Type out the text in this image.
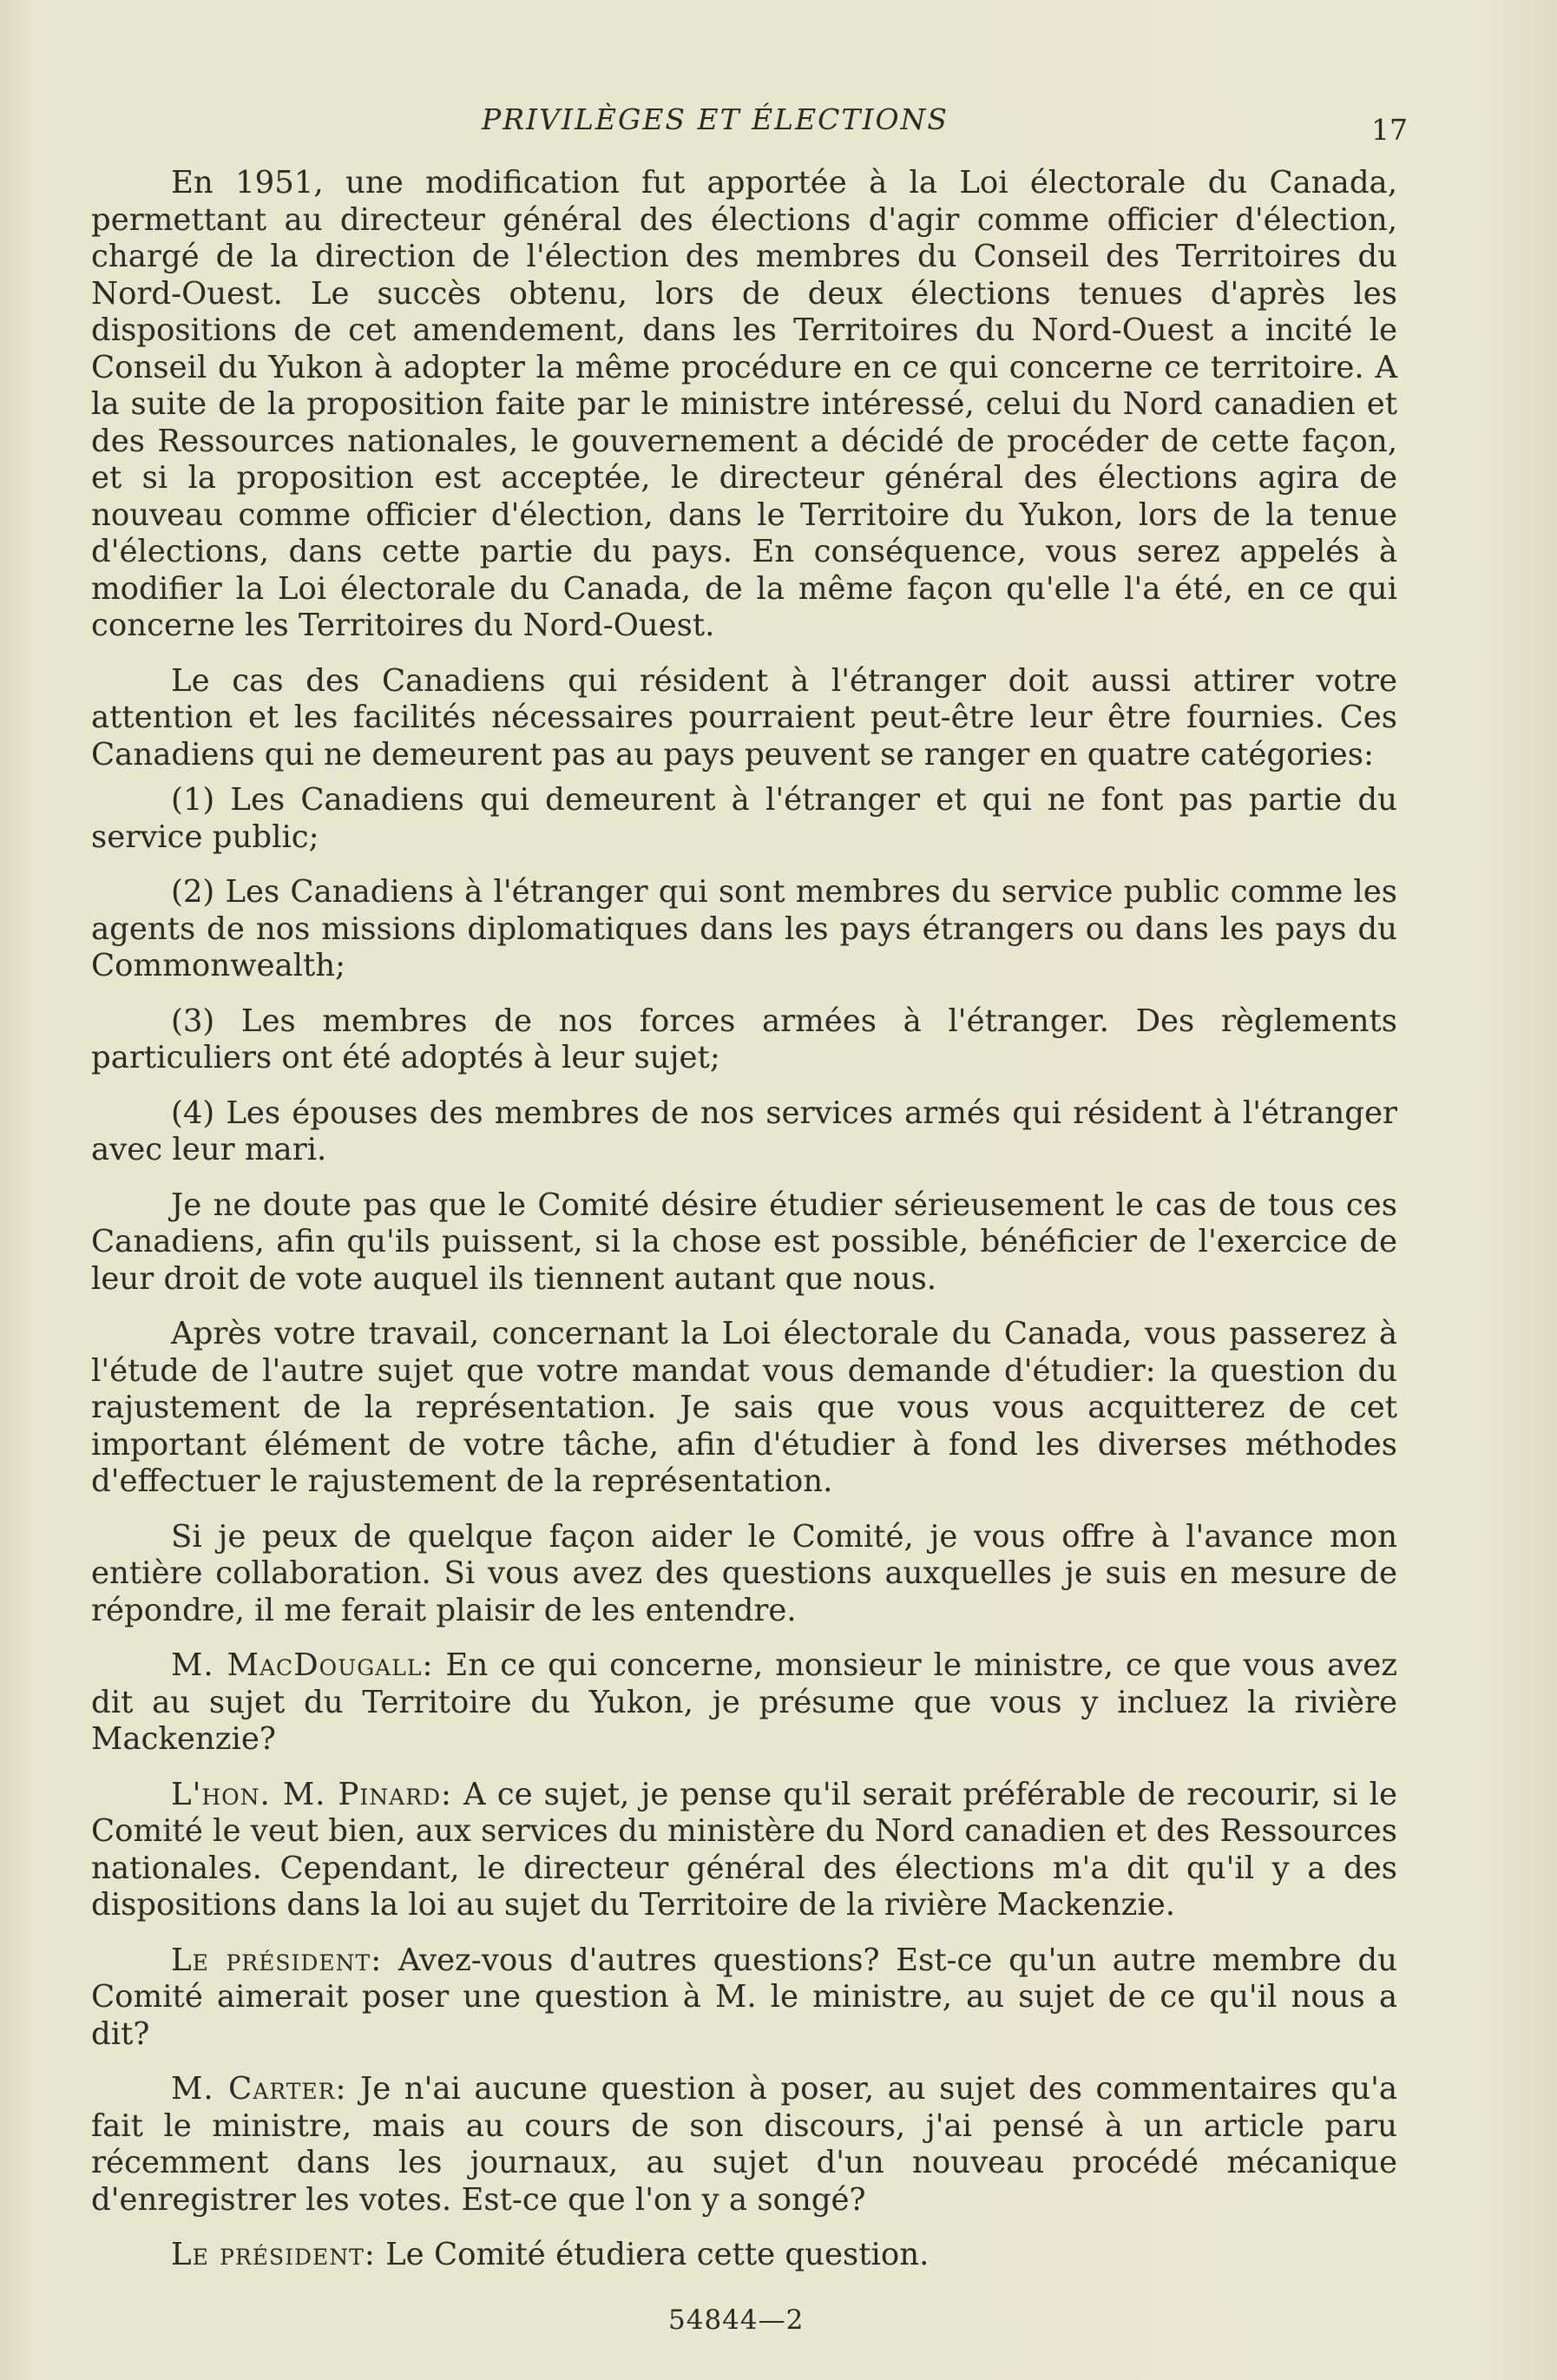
PRIVILÈGES ET ÉLECTIONS	17

En 1951, une modification fut apportée à la Loi électorale du Canada, permettant au directeur général des élections d'agir comme officier d'élection, chargé de la direction de l'élection des membres du Conseil des Territoires du Nord-Ouest. Le succès obtenu, lors de deux élections tenues d'après les dispositions de cet amendement, dans les Territoires du Nord-Ouest a incité le Conseil du Yukon à adopter la même procédure en ce qui concerne ce territoire. A la suite de la proposition faite par le ministre intéressé, celui du Nord canadien et des Ressources nationales, le gouvernement a décidé de procéder de cette façon, et si la proposition est acceptée, le directeur général des élections agira de nouveau comme officier d'élection, dans le Territoire du Yukon, lors de la tenue d'élections, dans cette partie du pays. En conséquence, vous serez appelés à modifier la Loi électorale du Canada, de la même façon qu'elle l'a été, en ce qui concerne les Territoires du Nord-Ouest.

Le cas des Canadiens qui résident à l'étranger doit aussi attirer votre attention et les facilités nécessaires pourraient peut-être leur être fournies. Ces Canadiens qui ne demeurent pas au pays peuvent se ranger en quatre catégories:

(1) Les Canadiens qui demeurent à l'étranger et qui ne font pas partie du service public;

(2) Les Canadiens à l'étranger qui sont membres du service public comme les agents de nos missions diplomatiques dans les pays étrangers ou dans les pays du Commonwealth;

(3) Les membres de nos forces armées à l'étranger. Des règlements particuliers ont été adoptés à leur sujet;

(4) Les épouses des membres de nos services armés qui résident à l'étranger avec leur mari.

Je ne doute pas que le Comité désire étudier sérieusement le cas de tous ces Canadiens, afin qu'ils puissent, si la chose est possible, bénéficier de l'exercice de leur droit de vote auquel ils tiennent autant que nous.

Après votre travail, concernant la Loi électorale du Canada, vous passerez à l'étude de l'autre sujet que votre mandat vous demande d'étudier: la question du rajustement de la représentation. Je sais que vous vous acquitterez de cet important élément de votre tâche, afin d'étudier à fond les diverses méthodes d'effectuer le rajustement de la représentation.

Si je peux de quelque façon aider le Comité, je vous offre à l'avance mon entière collaboration. Si vous avez des questions auxquelles je suis en mesure de répondre, il me ferait plaisir de les entendre.

M. MacDougall: En ce qui concerne, monsieur le ministre, ce que vous avez dit au sujet du Territoire du Yukon, je présume que vous y incluez la rivière Mackenzie?

L'hon. M. Pinard: A ce sujet, je pense qu'il serait préférable de recourir, si le Comité le veut bien, aux services du ministère du Nord canadien et des Ressources nationales. Cependant, le directeur général des élections m'a dit qu'il y a des dispositions dans la loi au sujet du Territoire de la rivière Mackenzie.

Le président: Avez-vous d'autres questions? Est-ce qu'un autre membre du Comité aimerait poser une question à M. le ministre, au sujet de ce qu'il nous a dit?

M. Carter: Je n'ai aucune question à poser, au sujet des commentaires qu'a fait le ministre, mais au cours de son discours, j'ai pensé à un article paru récemment dans les journaux, au sujet d'un nouveau procédé mécanique d'enregistrer les votes. Est-ce que l'on y a songé?

Le président: Le Comité étudiera cette question.

54844—2
